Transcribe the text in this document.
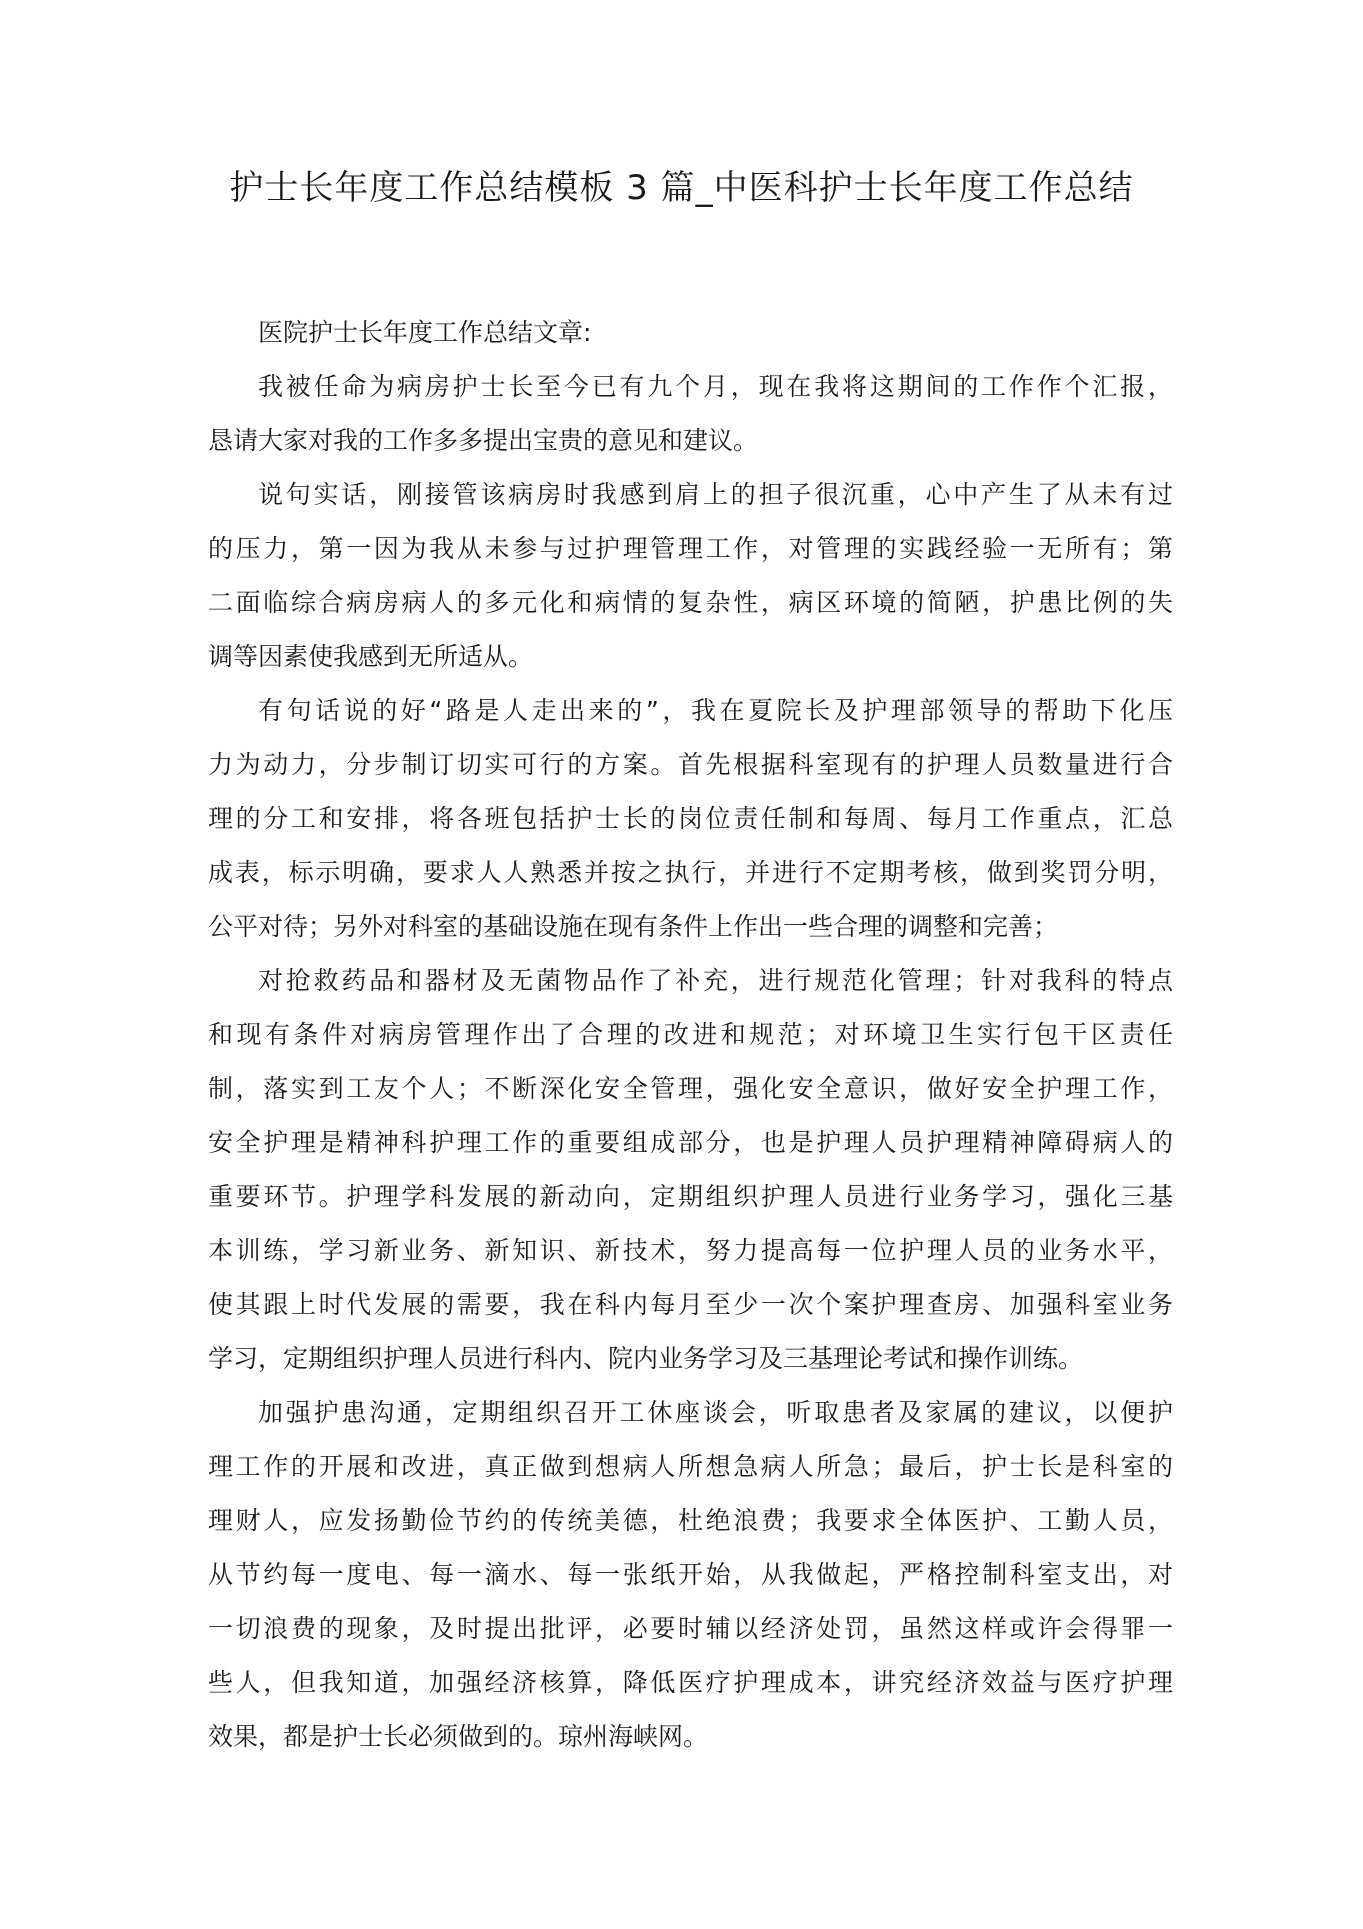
护士长年度工作总结模板 3 篇_中医科护士长年度工作总结
医院护士长年度工作总结文章:
我被任命为病房护士长至今已有九个月，现在我将这期间的工作作个汇报，
恳请大家对我的工作多多提出宝贵的意见和建议。
说句实话，刚接管该病房时我感到肩上的担子很沉重，心中产生了从未有过
的压力，第一因为我从未参与过护理管理工作，对管理的实践经验一无所有；第
二面临综合病房病人的多元化和病情的复杂性，病区环境的简陋，护患比例的失
调等因素使我感到无所适从。
有句话说的好“路是人走出来的”，我在夏院长及护理部领导的帮助下化压
力为动力，分步制订切实可行的方案。首先根据科室现有的护理人员数量进行合
理的分工和安排，将各班包括护士长的岗位责任制和每周、每月工作重点，汇总
成表，标示明确，要求人人熟悉并按之执行，并进行不定期考核，做到奖罚分明，
公平对待；另外对科室的基础设施在现有条件上作出一些合理的调整和完善；
对抢救药品和器材及无菌物品作了补充，进行规范化管理；针对我科的特点
和现有条件对病房管理作出了合理的改进和规范；对环境卫生实行包干区责任
制，落实到工友个人；不断深化安全管理，强化安全意识，做好安全护理工作，
安全护理是精神科护理工作的重要组成部分，也是护理人员护理精神障碍病人的
重要环节。护理学科发展的新动向，定期组织护理人员进行业务学习，强化三基
本训练，学习新业务、新知识、新技术，努力提高每一位护理人员的业务水平，
使其跟上时代发展的需要，我在科内每月至少一次个案护理查房、加强科室业务
学习，定期组织护理人员进行科内、院内业务学习及三基理论考试和操作训练。
加强护患沟通，定期组织召开工休座谈会，听取患者及家属的建议，以便护
理工作的开展和改进，真正做到想病人所想急病人所急；最后，护士长是科室的
理财人，应发扬勤俭节约的传统美德，杜绝浪费；我要求全体医护、工勤人员，
从节约每一度电、每一滴水、每一张纸开始，从我做起，严格控制科室支出，对
一切浪费的现象，及时提出批评，必要时辅以经济处罚，虽然这样或许会得罪一
些人，但我知道，加强经济核算，降低医疗护理成本，讲究经济效益与医疗护理
效果，都是护士长必须做到的。琼州海峡网。
